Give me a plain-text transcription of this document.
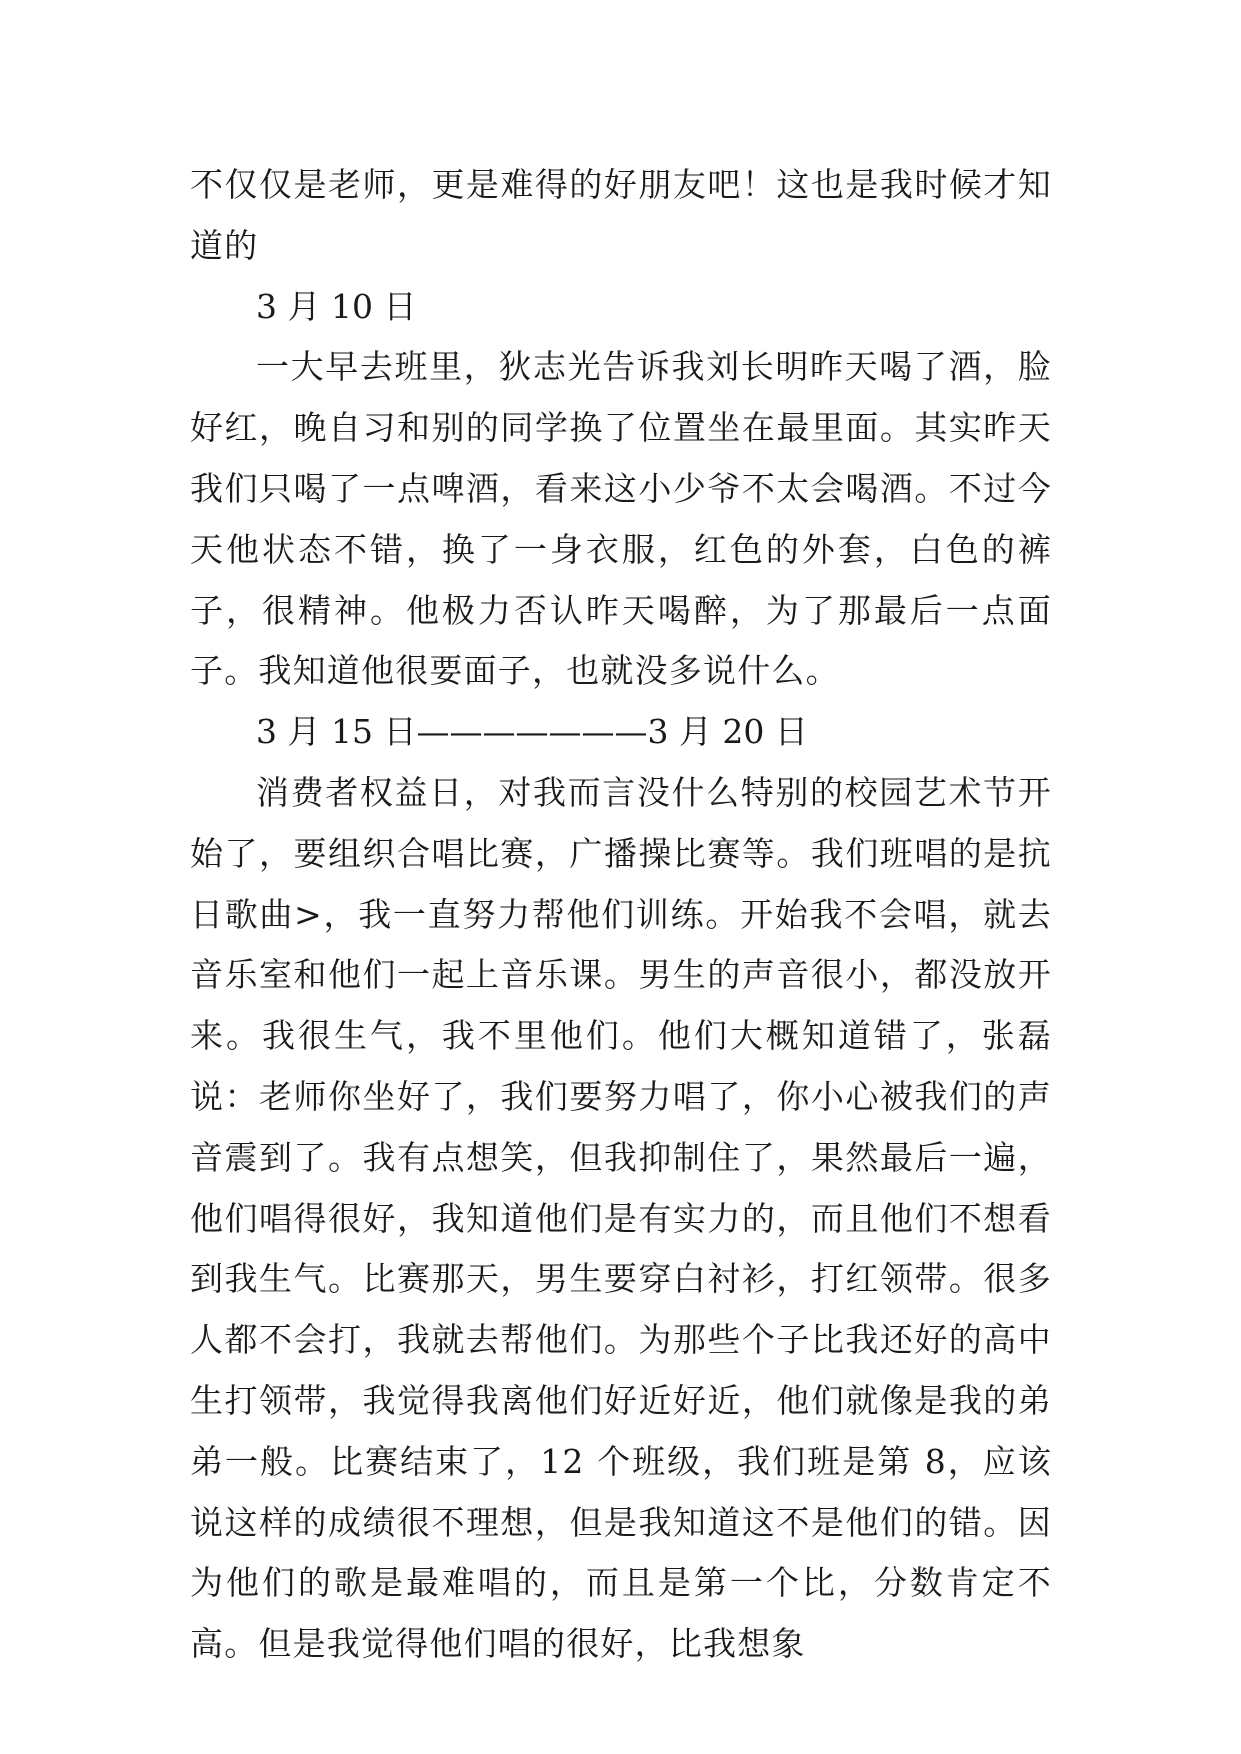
不仅仅是老师，更是难得的好朋友吧！这也是我时候才知道的

3 月 10 日

一大早去班里，狄志光告诉我刘长明昨天喝了酒，脸好红，晚自习和别的同学换了位置坐在最里面。其实昨天我们只喝了一点啤酒，看来这小少爷不太会喝酒。不过今天他状态不错，换了一身衣服，红色的外套，白色的裤子，很精神。他极力否认昨天喝醉，为了那最后一点面子。我知道他很要面子，也就没多说什么。

3 月 15 日———————3 月 20 日

消费者权益日，对我而言没什么特别的校园艺术节开始了，要组织合唱比赛，广播操比赛等。我们班唱的是抗日歌曲>，我一直努力帮他们训练。开始我不会唱，就去音乐室和他们一起上音乐课。男生的声音很小，都没放开来。我很生气，我不里他们。他们大概知道错了，张磊说：老师你坐好了，我们要努力唱了，你小心被我们的声音震到了。我有点想笑，但我抑制住了，果然最后一遍，他们唱得很好，我知道他们是有实力的，而且他们不想看到我生气。比赛那天，男生要穿白衬衫，打红领带。很多人都不会打，我就去帮他们。为那些个子比我还好的高中生打领带，我觉得我离他们好近好近，他们就像是我的弟弟一般。比赛结束了，12 个班级，我们班是第 8，应该说这样的成绩很不理想，但是我知道这不是他们的错。因为他们的歌是最难唱的，而且是第一个比，分数肯定不高。但是我觉得他们唱的很好，比我想象
